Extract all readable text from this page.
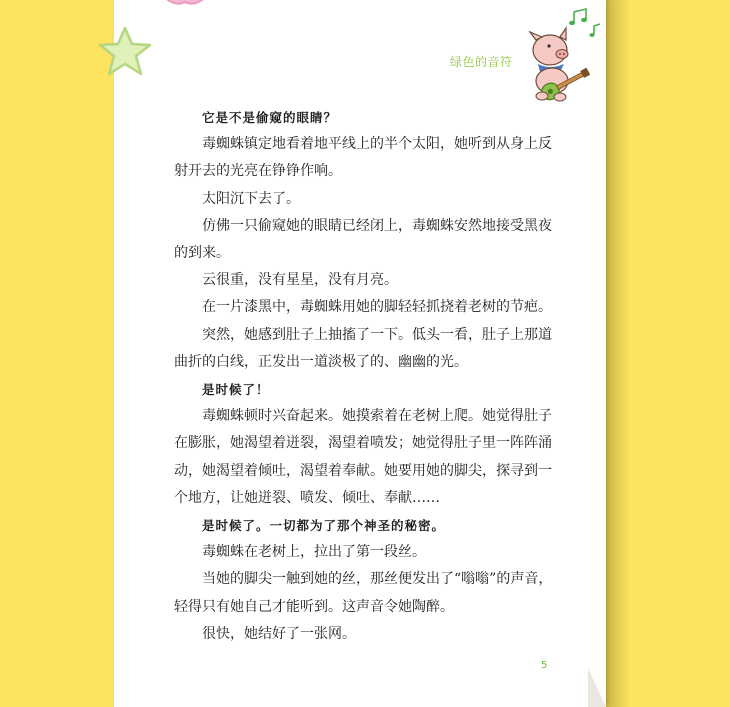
绿色的音符

它是不是偷窥的眼睛？

毒蜘蛛镇定地看着地平线上的半个太阳，她听到从身上反射开去的光亮在铮铮作响。

太阳沉下去了。

仿佛一只偷窥她的眼睛已经闭上，毒蜘蛛安然地接受黑夜的到来。

云很重，没有星星，没有月亮。

在一片漆黑中，毒蜘蛛用她的脚轻轻抓挠着老树的节疤。

突然，她感到肚子上抽搐了一下。低头一看，肚子上那道曲折的白线，正发出一道淡极了的、幽幽的光。

是时候了！

毒蜘蛛顿时兴奋起来。她摸索着在老树上爬。她觉得肚子在膨胀，她渴望着迸裂，渴望着喷发；她觉得肚子里一阵阵涌动，她渴望着倾吐，渴望着奉献。她要用她的脚尖，探寻到一个地方，让她迸裂、喷发、倾吐、奉献……

是时候了。一切都为了那个神圣的秘密。

毒蜘蛛在老树上，拉出了第一段丝。

当她的脚尖一触到她的丝，那丝便发出了“嗡嗡”的声音，轻得只有她自己才能听到。这声音令她陶醉。

很快，她结好了一张网。

5
